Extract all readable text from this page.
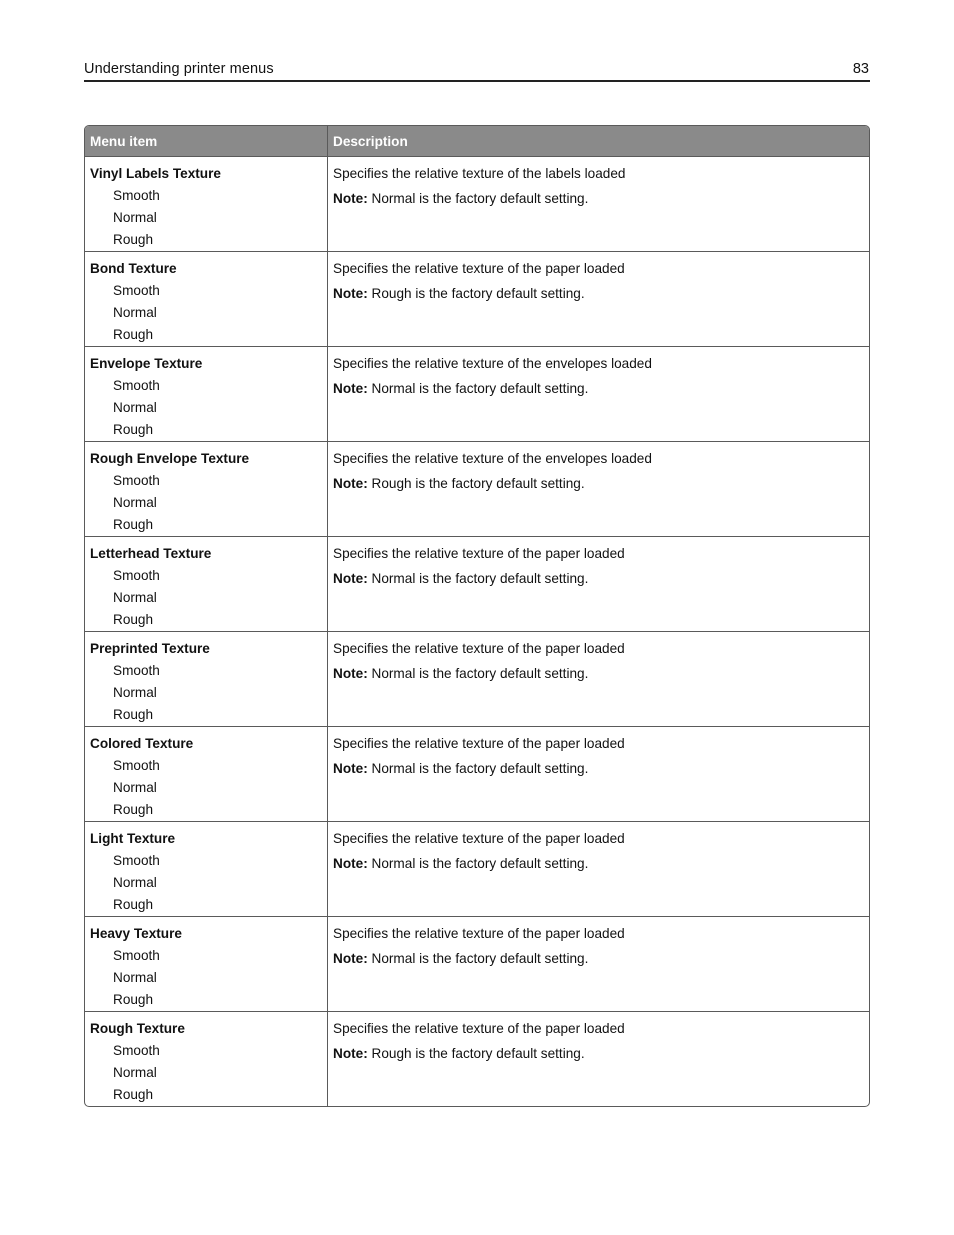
Understanding printer menus	83
Menu item	Description

Vinyl Labels Texture
Smooth
Normal
Rough	Specifies the relative texture of the labels loaded
Note: Normal is the factory default setting.

Bond Texture
Smooth
Normal
Rough	Specifies the relative texture of the paper loaded
Note: Rough is the factory default setting.

Envelope Texture
Smooth
Normal
Rough	Specifies the relative texture of the envelopes loaded
Note: Normal is the factory default setting.

Rough Envelope Texture
Smooth
Normal
Rough	Specifies the relative texture of the envelopes loaded
Note: Rough is the factory default setting.

Letterhead Texture
Smooth
Normal
Rough	Specifies the relative texture of the paper loaded
Note: Normal is the factory default setting.

Preprinted Texture
Smooth
Normal
Rough	Specifies the relative texture of the paper loaded
Note: Normal is the factory default setting.

Colored Texture
Smooth
Normal
Rough	Specifies the relative texture of the paper loaded
Note: Normal is the factory default setting.

Light Texture
Smooth
Normal
Rough	Specifies the relative texture of the paper loaded
Note: Normal is the factory default setting.

Heavy Texture
Smooth
Normal
Rough	Specifies the relative texture of the paper loaded
Note: Normal is the factory default setting.

Rough Texture
Smooth
Normal
Rough	Specifies the relative texture of the paper loaded
Note: Rough is the factory default setting.
